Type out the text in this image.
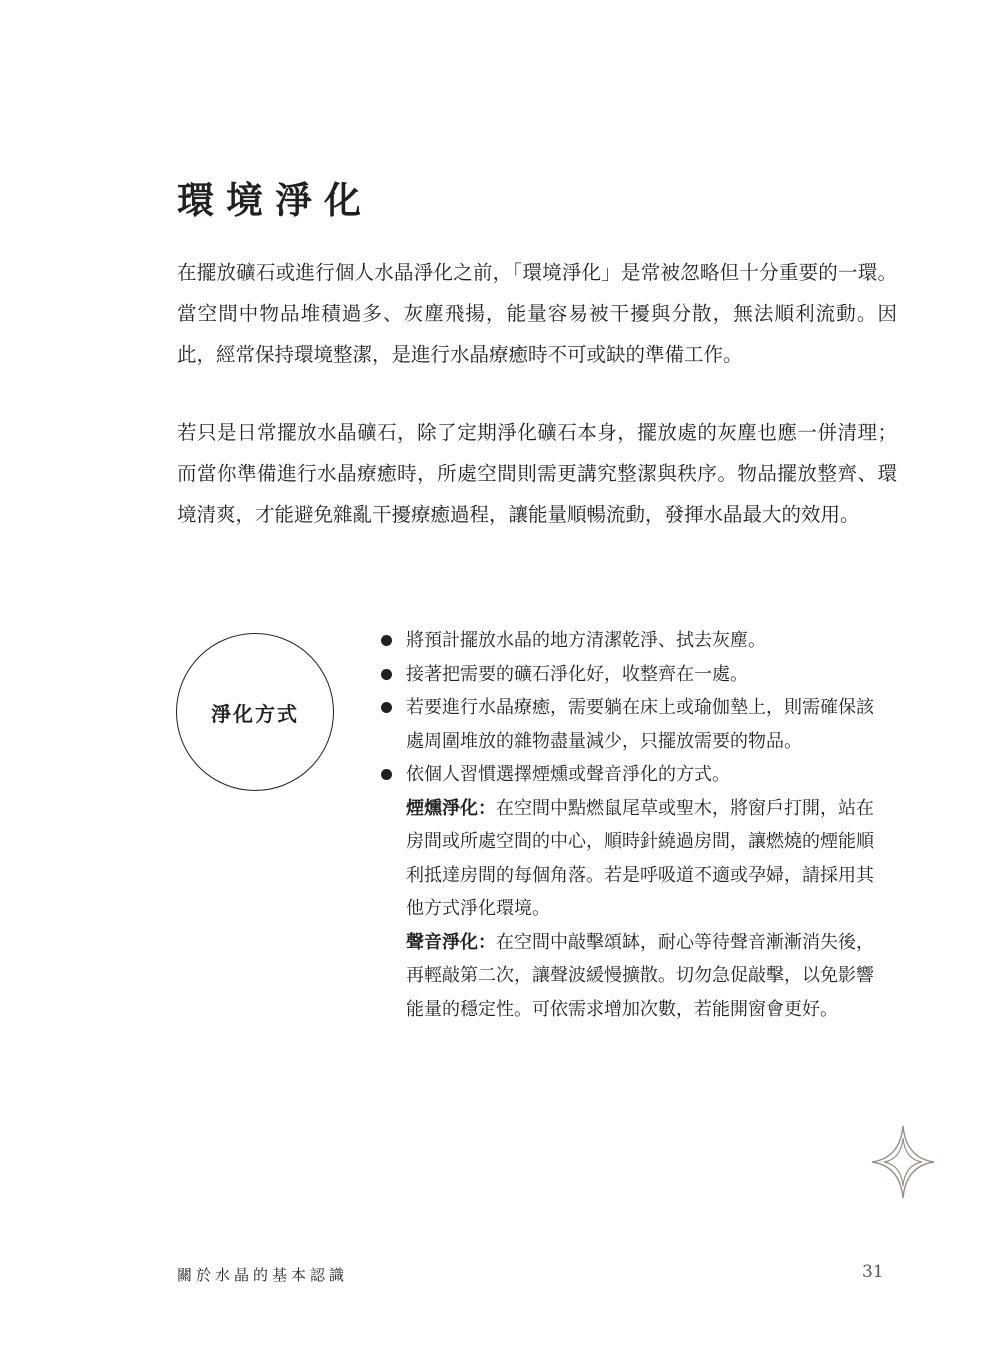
環境淨化

在擺放礦石或進行個人水晶淨化之前，「環境淨化」是常被忽略但十分重要的一環。當空間中物品堆積過多、灰塵飛揚，能量容易被干擾與分散，無法順利流動。因此，經常保持環境整潔，是進行水晶療癒時不可或缺的準備工作。

若只是日常擺放水晶礦石，除了定期淨化礦石本身，擺放處的灰塵也應一併清理；而當你準備進行水晶療癒時，所處空間則需更講究整潔與秩序。物品擺放整齊、環境清爽，才能避免雜亂干擾療癒過程，讓能量順暢流動，發揮水晶最大的效用。

淨化方式
將預計擺放水晶的地方清潔乾淨、拭去灰塵。
接著把需要的礦石淨化好，收整齊在一處。
若要進行水晶療癒，需要躺在床上或瑜伽墊上，則需確保該處周圍堆放的雜物盡量減少，只擺放需要的物品。
依個人習慣選擇煙燻或聲音淨化的方式。

煙燻淨化：在空間中點燃鼠尾草或聖木，將窗戶打開，站在房間或所處空間的中心，順時針繞過房間，讓燃燒的煙能順利抵達房間的每個角落。若是呼吸道不適或孕婦，請採用其他方式淨化環境。

聲音淨化：在空間中敲擊頌缽，耐心等待聲音漸漸消失後，再輕敲第二次，讓聲波緩慢擴散。切勿急促敲擊，以免影響能量的穩定性。可依需求增加次數，若能開窗會更好。

關於水晶的基本認識	31
